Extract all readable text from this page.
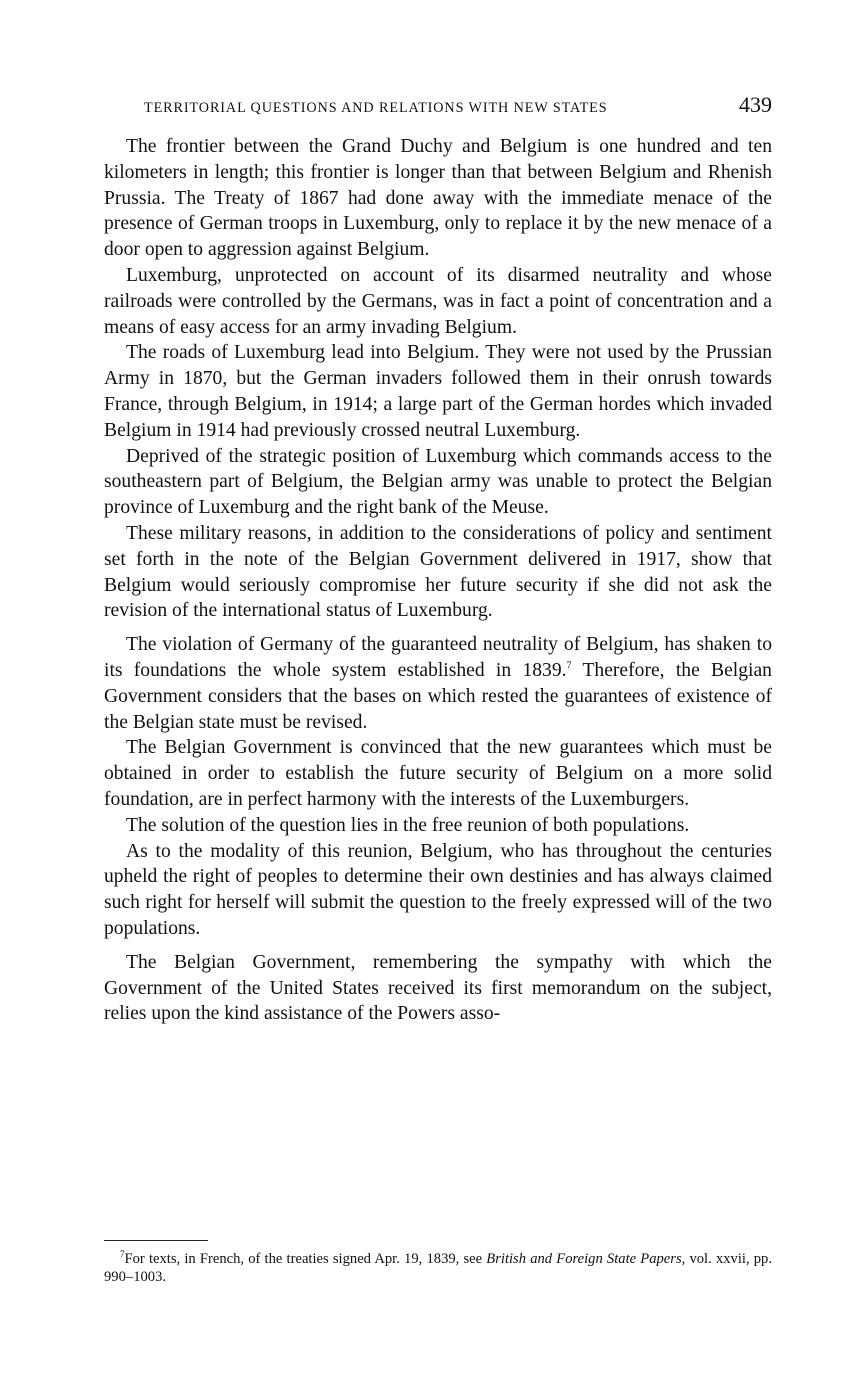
TERRITORIAL QUESTIONS AND RELATIONS WITH NEW STATES	439

The frontier between the Grand Duchy and Belgium is one hundred and ten kilometers in length; this frontier is longer than that between Belgium and Rhenish Prussia. The Treaty of 1867 had done away with the immediate menace of the presence of German troops in Luxemburg, only to replace it by the new menace of a door open to aggression against Belgium.

Luxemburg, unprotected on account of its disarmed neutrality and whose railroads were controlled by the Germans, was in fact a point of concentration and a means of easy access for an army invading Belgium.

The roads of Luxemburg lead into Belgium. They were not used by the Prussian Army in 1870, but the German invaders followed them in their onrush towards France, through Belgium, in 1914; a large part of the German hordes which invaded Belgium in 1914 had previously crossed neutral Luxemburg.

Deprived of the strategic position of Luxemburg which commands access to the southeastern part of Belgium, the Belgian army was unable to protect the Belgian province of Luxemburg and the right bank of the Meuse.

These military reasons, in addition to the considerations of policy and sentiment set forth in the note of the Belgian Government delivered in 1917, show that Belgium would seriously compromise her future security if she did not ask the revision of the international status of Luxemburg.

The violation of Germany of the guaranteed neutrality of Belgium, has shaken to its foundations the whole system established in 1839.$^7$ Therefore, the Belgian Government considers that the bases on which rested the guarantees of existence of the Belgian state must be revised.

The Belgian Government is convinced that the new guarantees which must be obtained in order to establish the future security of Belgium on a more solid foundation, are in perfect harmony with the interests of the Luxemburgers.

The solution of the question lies in the free reunion of both populations.

As to the modality of this reunion, Belgium, who has throughout the centuries upheld the right of peoples to determine their own destinies and has always claimed such right for herself will submit the question to the freely expressed will of the two populations.

The Belgian Government, remembering the sympathy with which the Government of the United States received its first memorandum on the subject, relies upon the kind assistance of the Powers asso-

$^7$For texts, in French, of the treaties signed Apr. 19, 1839, see British and Foreign State Papers, vol. xxvii, pp. 990–1003.
